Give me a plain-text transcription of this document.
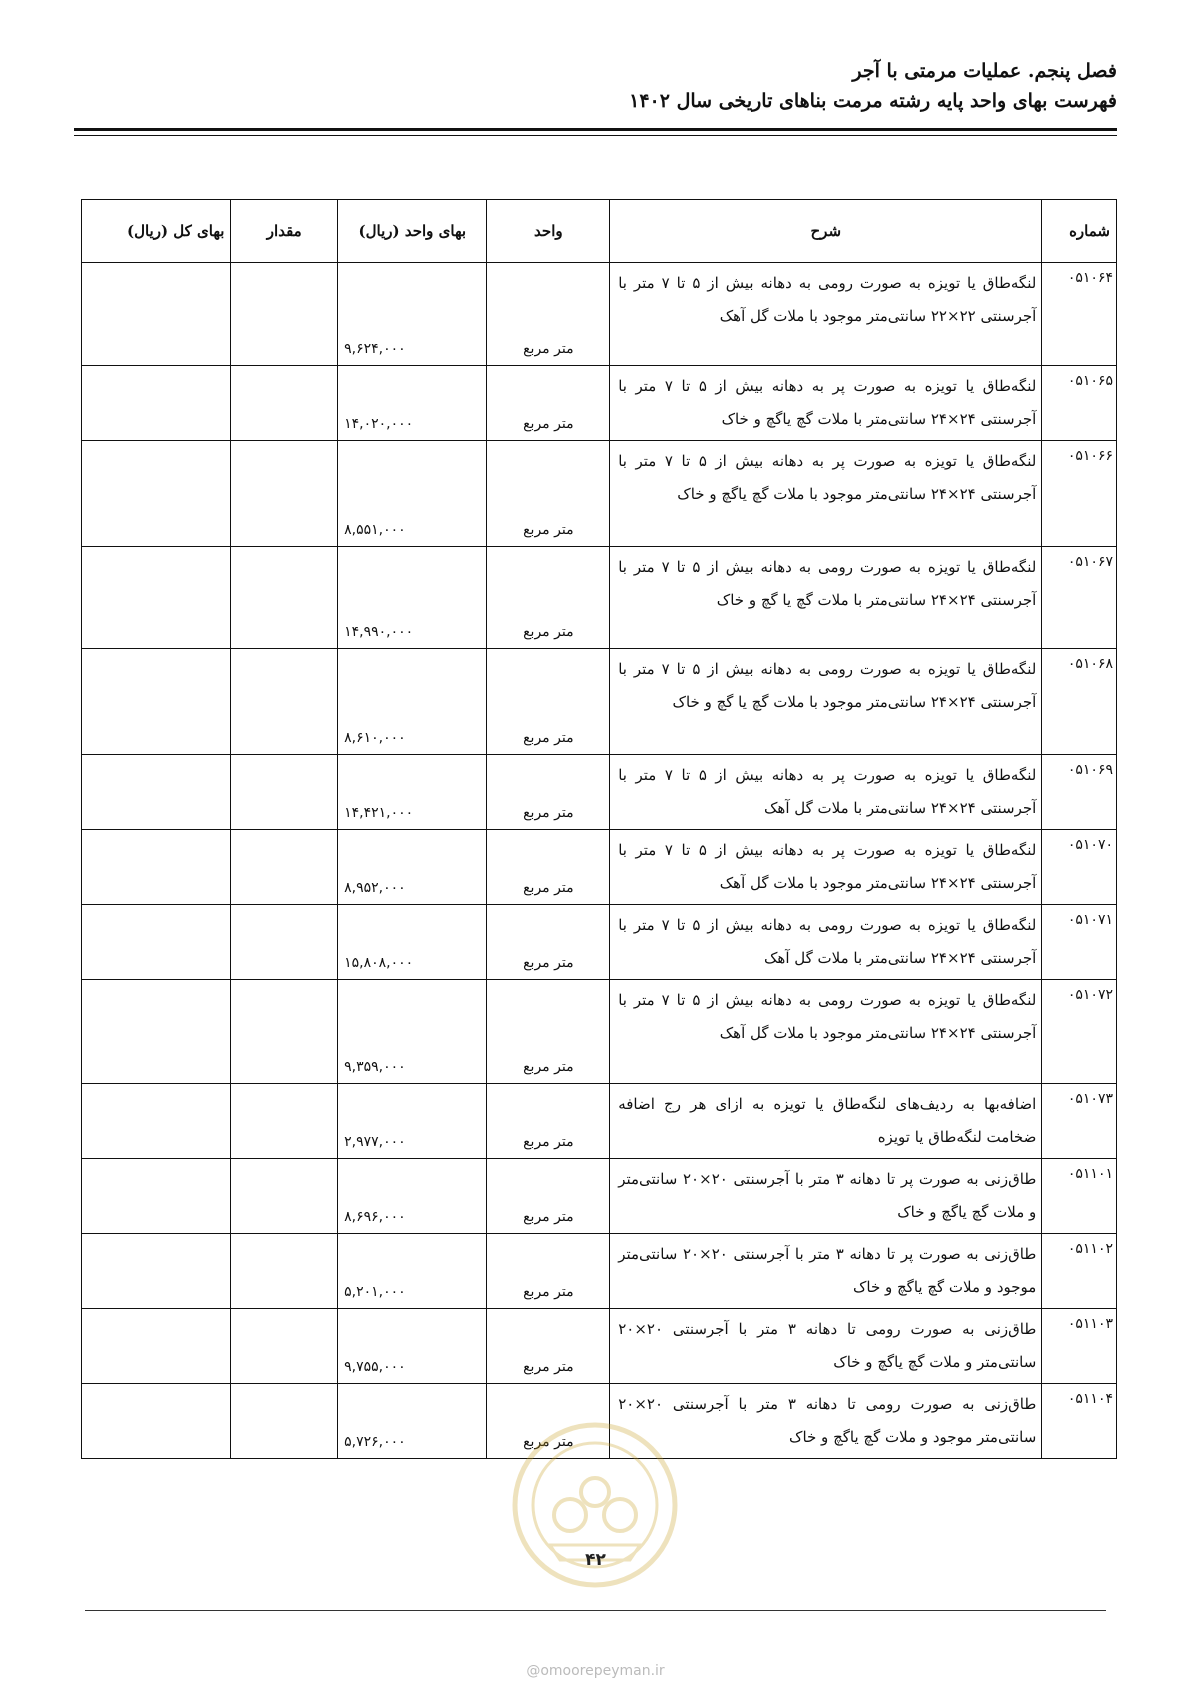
فصل پنجم. عملیات مرمتی با آجر
فهرست بهای واحد پایه رشته مرمت بناهای تاریخی سال ۱۴۰۲
شماره	شرح	واحد	بهای واحد (ریال)	مقدار	بهای کل (ریال)
۰۵۱۰۶۴	لنگه‌طاق یا تویزه به صورت رومی به دهانه بیش از ۵ تا ۷ متر با آجرسنتی ۲۲×۲۲ سانتی‌متر موجود با ملات گل آهک	متر مربع	۹,۶۲۴,۰۰۰		
۰۵۱۰۶۵	لنگه‌طاق یا تویزه به صورت پر به دهانه بیش از ۵ تا ۷ متر با آجرسنتی ۲۴×۲۴ سانتی‌متر با ملات گچ یاگچ و خاک	متر مربع	۱۴,۰۲۰,۰۰۰		
۰۵۱۰۶۶	لنگه‌طاق یا تویزه به صورت پر به دهانه بیش از ۵ تا ۷ متر با آجرسنتی ۲۴×۲۴ سانتی‌متر موجود با ملات گچ یاگچ و خاک	متر مربع	۸,۵۵۱,۰۰۰		
۰۵۱۰۶۷	لنگه‌طاق یا تویزه به صورت رومی به دهانه بیش از ۵ تا ۷ متر با آجرسنتی ۲۴×۲۴ سانتی‌متر با ملات گچ یا گچ و خاک	متر مربع	۱۴,۹۹۰,۰۰۰		
۰۵۱۰۶۸	لنگه‌طاق یا تویزه به صورت رومی به دهانه بیش از ۵ تا ۷ متر با آجرسنتی ۲۴×۲۴ سانتی‌متر موجود با ملات گچ یا گچ و خاک	متر مربع	۸,۶۱۰,۰۰۰		
۰۵۱۰۶۹	لنگه‌طاق یا تویزه به صورت پر به دهانه بیش از ۵ تا ۷ متر با آجرسنتی ۲۴×۲۴ سانتی‌متر با ملات گل آهک	متر مربع	۱۴,۴۲۱,۰۰۰		
۰۵۱۰۷۰	لنگه‌طاق یا تویزه به صورت پر به دهانه بیش از ۵ تا ۷ متر با آجرسنتی ۲۴×۲۴ سانتی‌متر موجود با ملات گل آهک	متر مربع	۸,۹۵۲,۰۰۰		
۰۵۱۰۷۱	لنگه‌طاق یا تویزه به صورت رومی به دهانه بیش از ۵ تا ۷ متر با آجرسنتی ۲۴×۲۴ سانتی‌متر با ملات گل آهک	متر مربع	۱۵,۸۰۸,۰۰۰		
۰۵۱۰۷۲	لنگه‌طاق یا تویزه به صورت رومی به دهانه بیش از ۵ تا ۷ متر با آجرسنتی ۲۴×۲۴ سانتی‌متر موجود با ملات گل آهک	متر مربع	۹,۳۵۹,۰۰۰		
۰۵۱۰۷۳	اضافه‌بها به ردیف‌های لنگه‌طاق یا تویزه به ازای هر رج اضافه ضخامت لنگه‌طاق یا تویزه	متر مربع	۲,۹۷۷,۰۰۰		
۰۵۱۱۰۱	طاق‌زنی به صورت پر تا دهانه ۳ متر با آجرسنتی ۲۰×۲۰ سانتی‌متر و ملات گچ یاگچ و خاک	متر مربع	۸,۶۹۶,۰۰۰		
۰۵۱۱۰۲	طاق‌زنی به صورت پر تا دهانه ۳ متر با آجرسنتی ۲۰×۲۰ سانتی‌متر موجود و ملات گچ یاگچ و خاک	متر مربع	۵,۲۰۱,۰۰۰		
۰۵۱۱۰۳	طاق‌زنی به صورت رومی تا دهانه ۳ متر با آجرسنتی ۲۰×۲۰ سانتی‌متر و ملات گچ یاگچ و خاک	متر مربع	۹,۷۵۵,۰۰۰		
۰۵۱۱۰۴	طاق‌زنی به صورت رومی تا دهانه ۳ متر با آجرسنتی ۲۰×۲۰ سانتی‌متر موجود و ملات گچ یاگچ و خاک	متر مربع	۵,۷۲۶,۰۰۰		
۴۲
@omoorepeyman.ir
